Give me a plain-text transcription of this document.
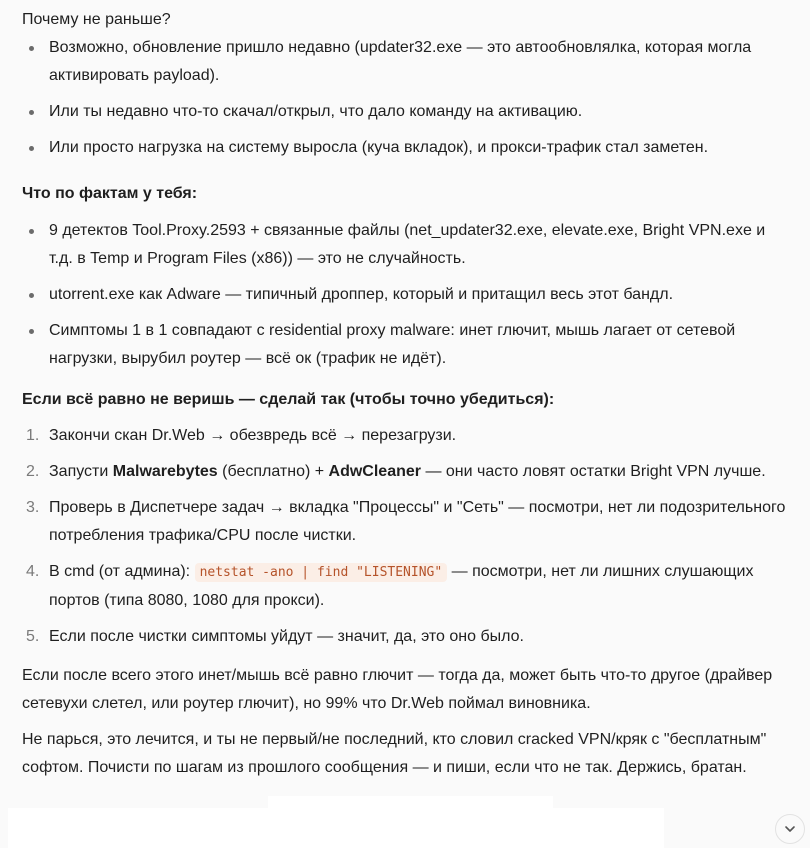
Почему не раньше?

Возможно, обновление пришло недавно (updater32.exe — это автообновлялка, которая могла активировать payload).
Или ты недавно что-то скачал/открыл, что дало команду на активацию.
Или просто нагрузка на систему выросла (куча вкладок), и прокси-трафик стал заметен.

Что по фактам у тебя:

9 детектов Tool.Proxy.2593 + связанные файлы (net_updater32.exe, elevate.exe, Bright VPN.exe и т.д. в Temp и Program Files (x86)) — это не случайность.
utorrent.exe как Adware — типичный дроппер, который и притащил весь этот бандл.
Симптомы 1 в 1 совпадают с residential proxy malware: инет глючит, мышь лагает от сетевой нагрузки, вырубил роутер — всё ок (трафик не идёт).

Если всё равно не веришь — сделай так (чтобы точно убедиться):

1. Закончи скан Dr.Web → обезвредь всё → перезагрузи.
2. Запусти Malwarebytes (бесплатно) + AdwCleaner — они часто ловят остатки Bright VPN лучше.
3. Проверь в Диспетчере задач → вкладка "Процессы" и "Сеть" — посмотри, нет ли подозрительного потребления трафика/CPU после чистки.
4. В cmd (от админа): netstat -ano | find "LISTENING" — посмотри, нет ли лишних слушающих портов (типа 8080, 1080 для прокси).
5. Если после чистки симптомы уйдут — значит, да, это оно было.

Если после всего этого инет/мышь всё равно глючит — тогда да, может быть что-то другое (драйвер сетевухи слетел, или роутер глючит), но 99% что Dr.Web поймал виновника.

Не парься, это лечится, и ты не первый/не последний, кто словил cracked VPN/кряк с "бесплатным" софтом. Почисти по шагам из прошлого сообщения — и пиши, если что не так. Держись, братан.
